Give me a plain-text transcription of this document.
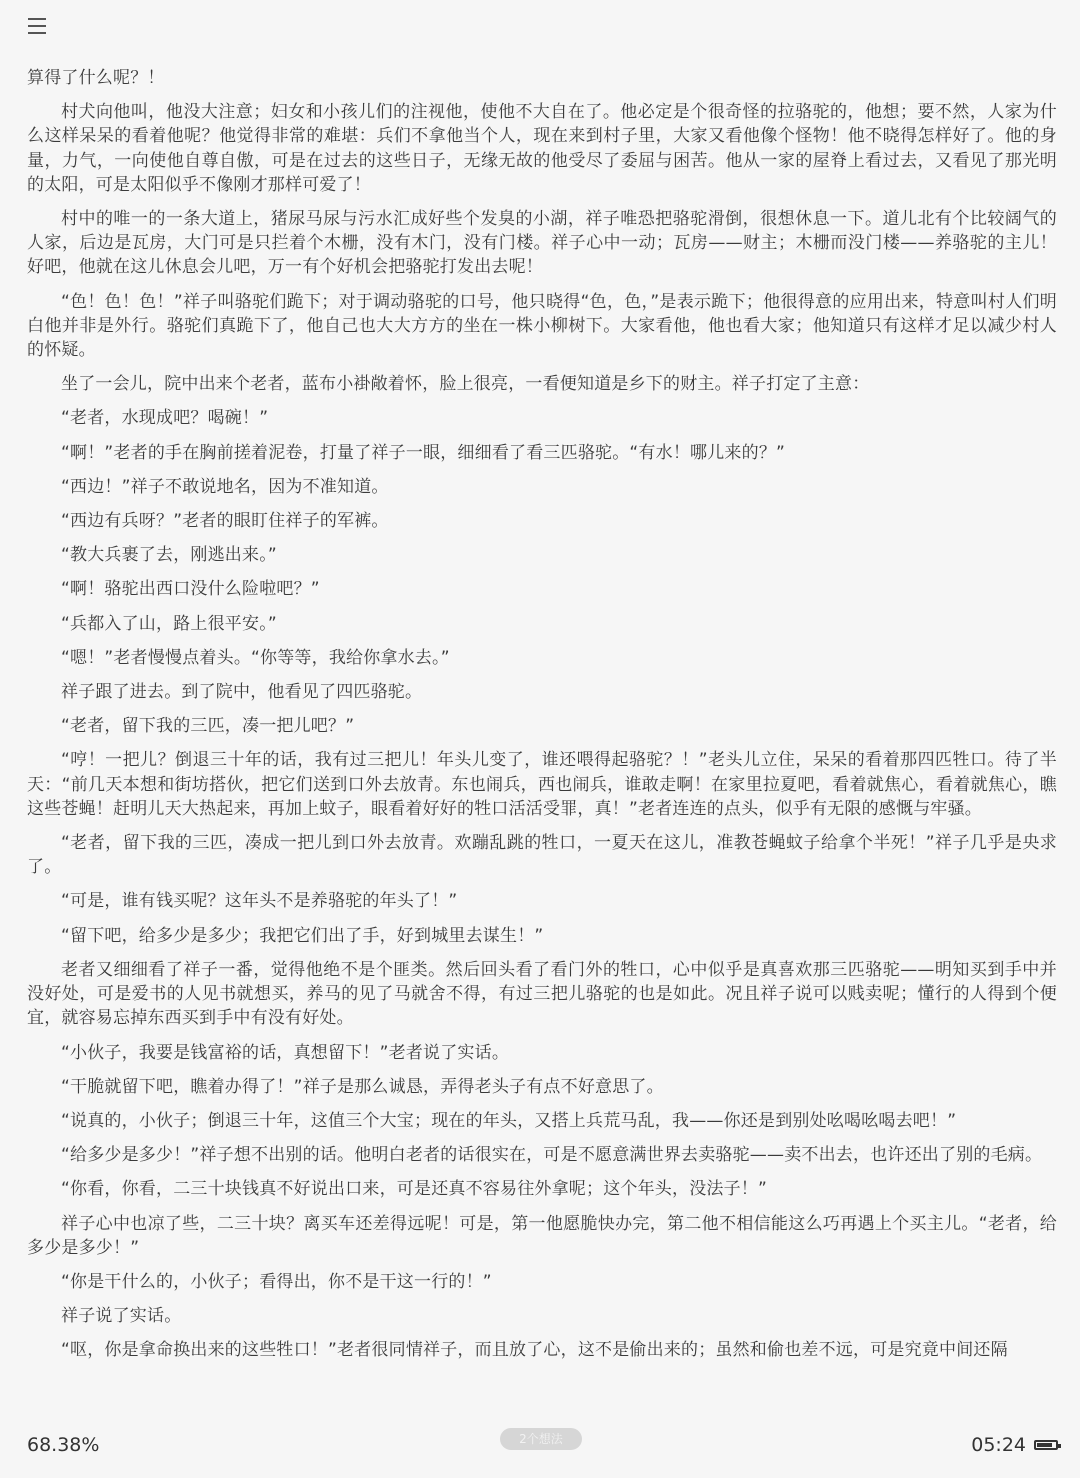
算得了什么呢？！

村犬向他叫，他没大注意；妇女和小孩儿们的注视他，使他不大自在了。他必定是个很奇怪的拉骆驼的，他想；要不然，人家为什么这样呆呆的看着他呢？他觉得非常的难堪：兵们不拿他当个人，现在来到村子里，大家又看他像个怪物！他不晓得怎样好了。他的身量，力气，一向使他自尊自傲，可是在过去的这些日子，无缘无故的他受尽了委屈与困苦。他从一家的屋脊上看过去，又看见了那光明的太阳，可是太阳似乎不像刚才那样可爱了！

村中的唯一的一条大道上，猪尿马尿与污水汇成好些个发臭的小湖，祥子唯恐把骆驼滑倒，很想休息一下。道儿北有个比较阔气的人家，后边是瓦房，大门可是只拦着个木栅，没有木门，没有门楼。祥子心中一动；瓦房——财主；木栅而没门楼——养骆驼的主儿！好吧，他就在这儿休息会儿吧，万一有个好机会把骆驼打发出去呢！

“色！色！色！”祥子叫骆驼们跪下；对于调动骆驼的口号，他只晓得“色，色，”是表示跪下；他很得意的应用出来，特意叫村人们明白他并非是外行。骆驼们真跪下了，他自己也大大方方的坐在一株小柳树下。大家看他，他也看大家；他知道只有这样才足以减少村人的怀疑。

坐了一会儿，院中出来个老者，蓝布小褂敞着怀，脸上很亮，一看便知道是乡下的财主。祥子打定了主意：

“老者，水现成吧？喝碗！”

“啊！”老者的手在胸前搓着泥卷，打量了祥子一眼，细细看了看三匹骆驼。“有水！哪儿来的？”

“西边！”祥子不敢说地名，因为不准知道。

“西边有兵呀？”老者的眼盯住祥子的军裤。

“教大兵裹了去，刚逃出来。”

“啊！骆驼出西口没什么险啦吧？”

“兵都入了山，路上很平安。”

“嗯！”老者慢慢点着头。“你等等，我给你拿水去。”

祥子跟了进去。到了院中，他看见了四匹骆驼。

“老者，留下我的三匹，凑一把儿吧？”

“哼！一把儿？倒退三十年的话，我有过三把儿！年头儿变了，谁还喂得起骆驼？！”老头儿立住，呆呆的看着那四匹牲口。待了半天：“前几天本想和街坊搭伙，把它们送到口外去放青。东也闹兵，西也闹兵，谁敢走啊！在家里拉夏吧，看着就焦心，看着就焦心，瞧这些苍蝇！赶明儿天大热起来，再加上蚊子，眼看着好好的牲口活活受罪，真！”老者连连的点头，似乎有无限的感慨与牢骚。

“老者，留下我的三匹，凑成一把儿到口外去放青。欢蹦乱跳的牲口，一夏天在这儿，准教苍蝇蚊子给拿个半死！”祥子几乎是央求了。

“可是，谁有钱买呢？这年头不是养骆驼的年头了！”

“留下吧，给多少是多少；我把它们出了手，好到城里去谋生！”

老者又细细看了祥子一番，觉得他绝不是个匪类。然后回头看了看门外的牲口，心中似乎是真喜欢那三匹骆驼——明知买到手中并没好处，可是爱书的人见书就想买，养马的见了马就舍不得，有过三把儿骆驼的也是如此。况且祥子说可以贱卖呢；懂行的人得到个便宜，就容易忘掉东西买到手中有没有好处。

“小伙子，我要是钱富裕的话，真想留下！”老者说了实话。

“干脆就留下吧，瞧着办得了！”祥子是那么诚恳，弄得老头子有点不好意思了。

“说真的，小伙子；倒退三十年，这值三个大宝；现在的年头，又搭上兵荒马乱，我——你还是到别处吆喝吆喝去吧！”

“给多少是多少！”祥子想不出别的话。他明白老者的话很实在，可是不愿意满世界去卖骆驼——卖不出去，也许还出了别的毛病。

“你看，你看，二三十块钱真不好说出口来，可是还真不容易往外拿呢；这个年头，没法子！”

祥子心中也凉了些，二三十块？离买车还差得远呢！可是，第一他愿脆快办完，第二他不相信能这么巧再遇上个买主儿。“老者，给多少是多少！”

“你是干什么的，小伙子；看得出，你不是干这一行的！”

祥子说了实话。

“呕，你是拿命换出来的这些牲口！”老者很同情祥子，而且放了心，这不是偷出来的；虽然和偷也差不远，可是究竟中间还隔

68.38%	2个想法	05:24
